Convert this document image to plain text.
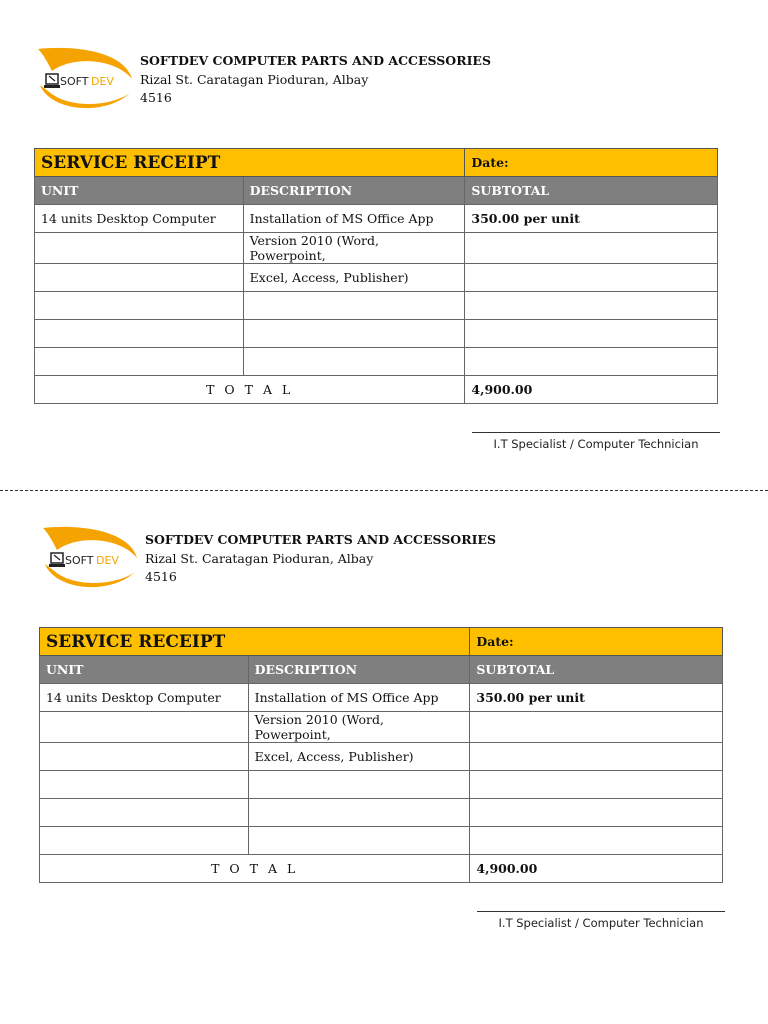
SOFT DEV
SOFTDEV COMPUTER PARTS AND ACCESSORIES
Rizal St. Caratagan Pioduran, Albay
4516
SERVICE RECEIPT		Date:
UNIT	DESCRIPTION	SUBTOTAL
14 units Desktop Computer	Installation of MS Office App	350.00 per unit
	Version 2010 (Word, Powerpoint,	
	Excel, Access, Publisher)	

T O T A L		4,900.00
I.T Specialist / Computer Technician
SOFT DEV
SOFTDEV COMPUTER PARTS AND ACCESSORIES
Rizal St. Caratagan Pioduran, Albay
4516
SERVICE RECEIPT		Date:
UNIT	DESCRIPTION	SUBTOTAL
14 units Desktop Computer	Installation of MS Office App	350.00 per unit
	Version 2010 (Word, Powerpoint,	
	Excel, Access, Publisher)	

T O T A L		4,900.00
I.T Specialist / Computer Technician
